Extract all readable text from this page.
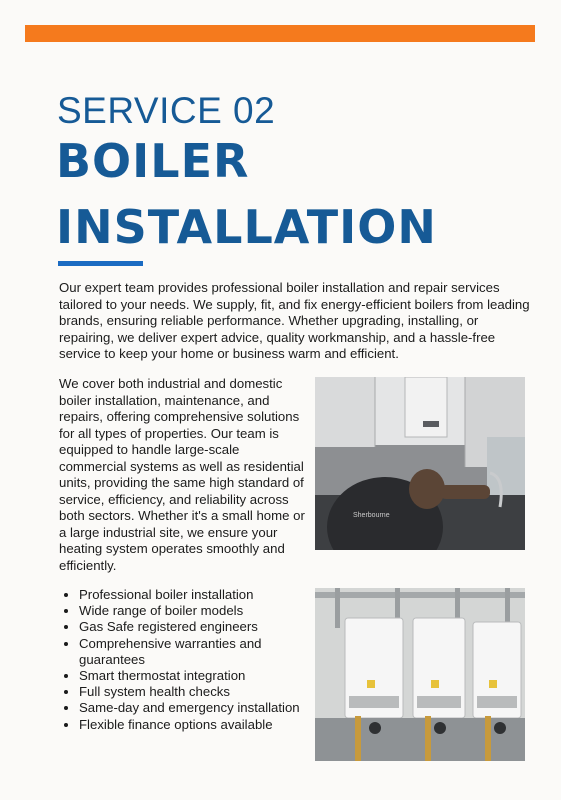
SERVICE 02
BOILER
INSTALLATION

Our expert team provides professional boiler installation and repair services tailored to your needs. We supply, fit, and fix energy-efficient boilers from leading brands, ensuring reliable performance. Whether upgrading, installing, or repairing, we deliver expert advice, quality workmanship, and a hassle-free service to keep your home or business warm and efficient.

We cover both industrial and domestic boiler installation, maintenance, and repairs, offering comprehensive solutions for all types of properties. Our team is equipped to handle large-scale commercial systems as well as residential units, providing the same high standard of service, efficiency, and reliability across both sectors. Whether it's a small home or a large industrial site, we ensure your heating system operates smoothly and efficiently.

Sherbourne
• Professional boiler installation
• Wide range of boiler models
• Gas Safe registered engineers
• Comprehensive warranties and guarantees
• Smart thermostat integration
• Full system health checks
• Same-day and emergency installation
• Flexible finance options available
